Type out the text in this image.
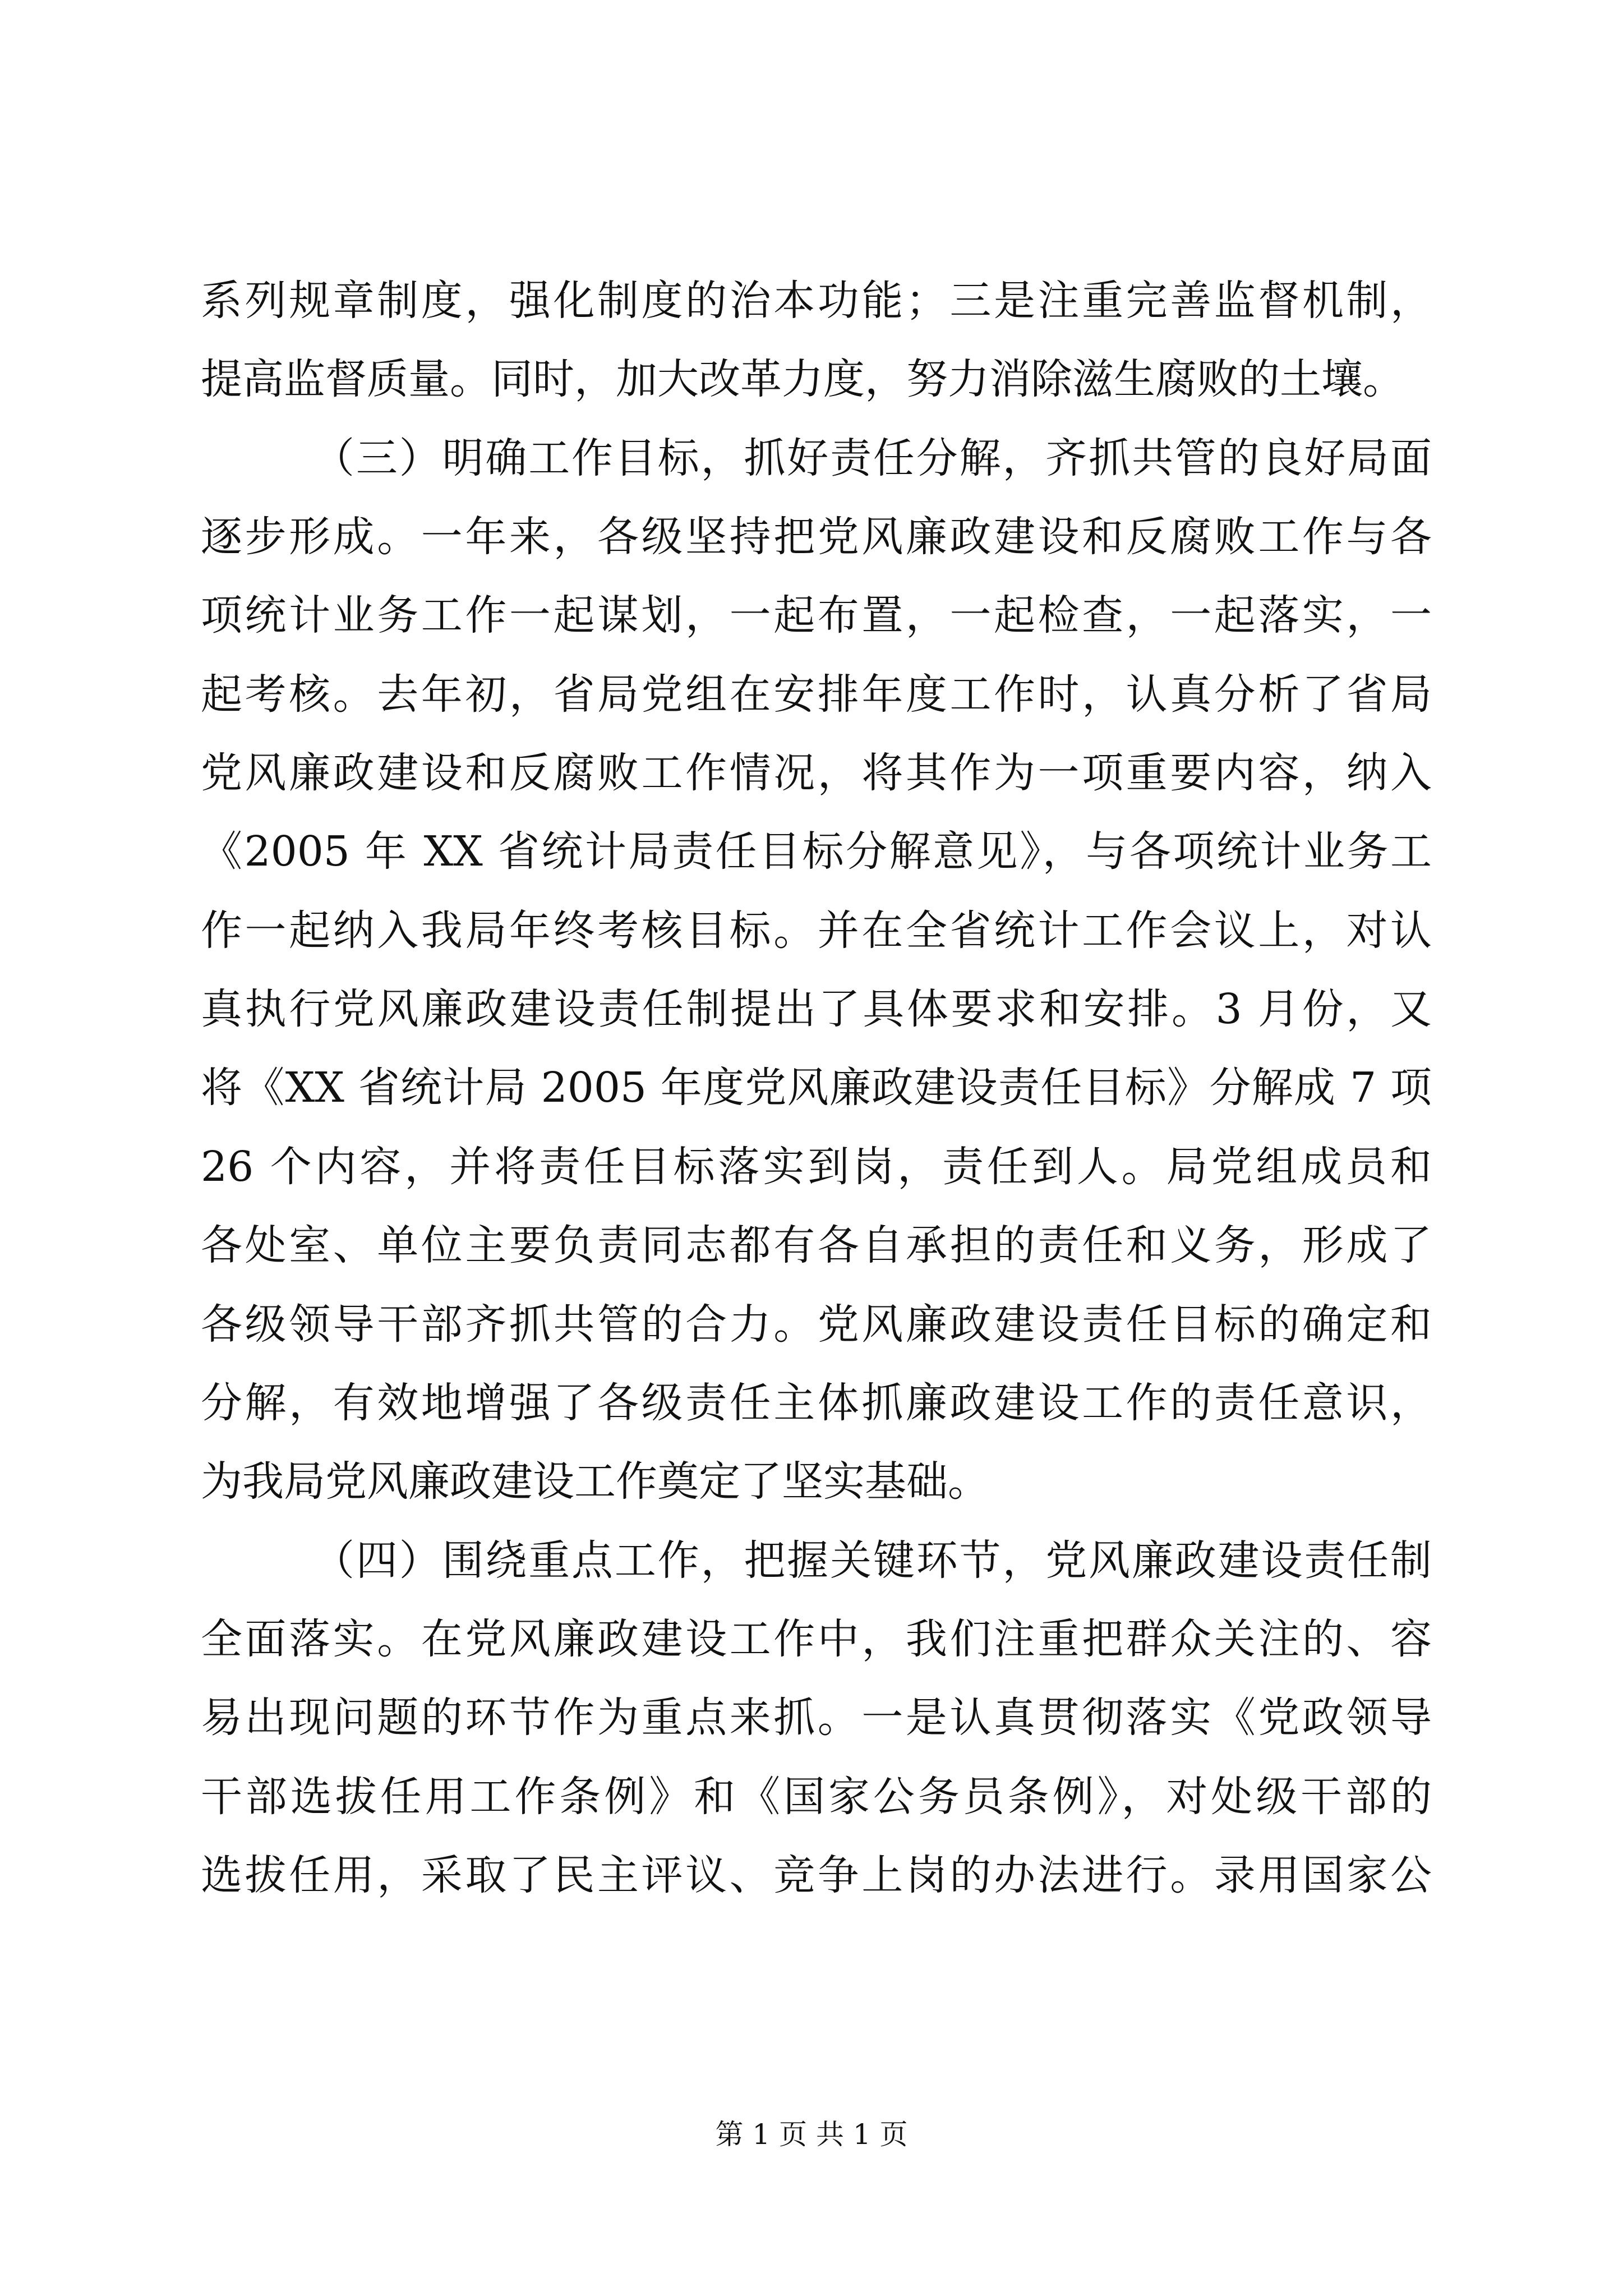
系列规章制度，强化制度的治本功能；三是注重完善监督机制，
提高监督质量。同时，加大改革力度，努力消除滋生腐败的土壤。
（三）明确工作目标，抓好责任分解，齐抓共管的良好局面
逐步形成。一年来，各级坚持把党风廉政建设和反腐败工作与各
项统计业务工作一起谋划，一起布置，一起检查，一起落实，一
起考核。去年初，省局党组在安排年度工作时，认真分析了省局
党风廉政建设和反腐败工作情况，将其作为一项重要内容，纳入
《2005 年 XX 省统计局责任目标分解意见》，与各项统计业务工
作一起纳入我局年终考核目标。并在全省统计工作会议上，对认
真执行党风廉政建设责任制提出了具体要求和安排。3 月份，又
将《XX 省统计局 2005 年度党风廉政建设责任目标》分解成 7 项
26 个内容，并将责任目标落实到岗，责任到人。局党组成员和
各处室、单位主要负责同志都有各自承担的责任和义务，形成了
各级领导干部齐抓共管的合力。党风廉政建设责任目标的确定和
分解，有效地增强了各级责任主体抓廉政建设工作的责任意识，
为我局党风廉政建设工作奠定了坚实基础。
（四）围绕重点工作，把握关键环节，党风廉政建设责任制
全面落实。在党风廉政建设工作中，我们注重把群众关注的、容
易出现问题的环节作为重点来抓。一是认真贯彻落实《党政领导
干部选拔任用工作条例》和《国家公务员条例》，对处级干部的
选拔任用，采取了民主评议、竞争上岗的办法进行。录用国家公
第 1 页 共 1 页
